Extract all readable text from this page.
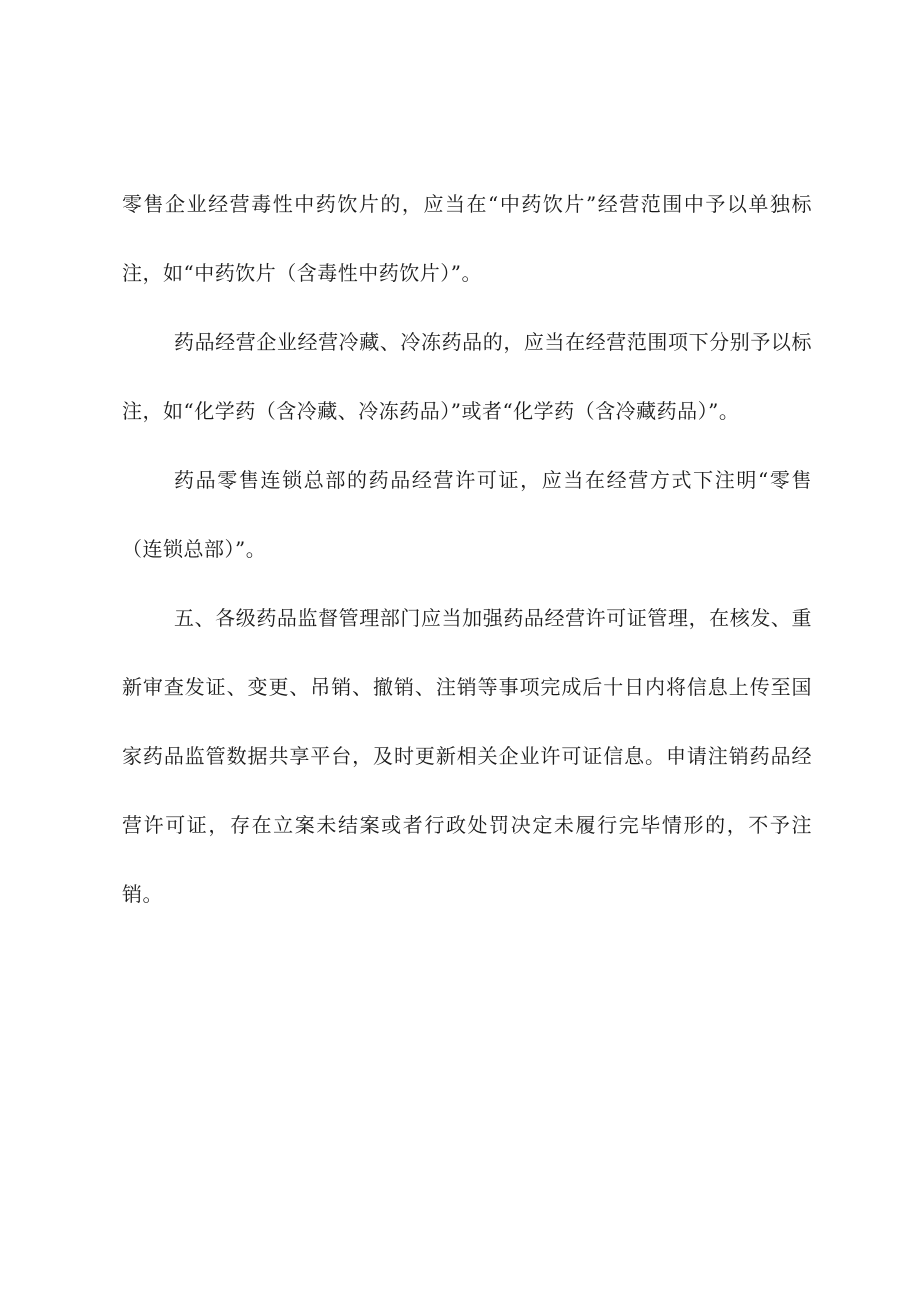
零售企业经营毒性中药饮片的，应当在“中药饮片”经营范围中予以单独标注，如“中药饮片（含毒性中药饮片）”。

药品经营企业经营冷藏、冷冻药品的，应当在经营范围项下分别予以标注，如“化学药（含冷藏、冷冻药品）”或者“化学药（含冷藏药品）”。

药品零售连锁总部的药品经营许可证，应当在经营方式下注明“零售（连锁总部）”。

五、各级药品监督管理部门应当加强药品经营许可证管理，在核发、重新审查发证、变更、吊销、撤销、注销等事项完成后十日内将信息上传至国家药品监管数据共享平台，及时更新相关企业许可证信息。申请注销药品经营许可证，存在立案未结案或者行政处罚决定未履行完毕情形的，不予注销。
